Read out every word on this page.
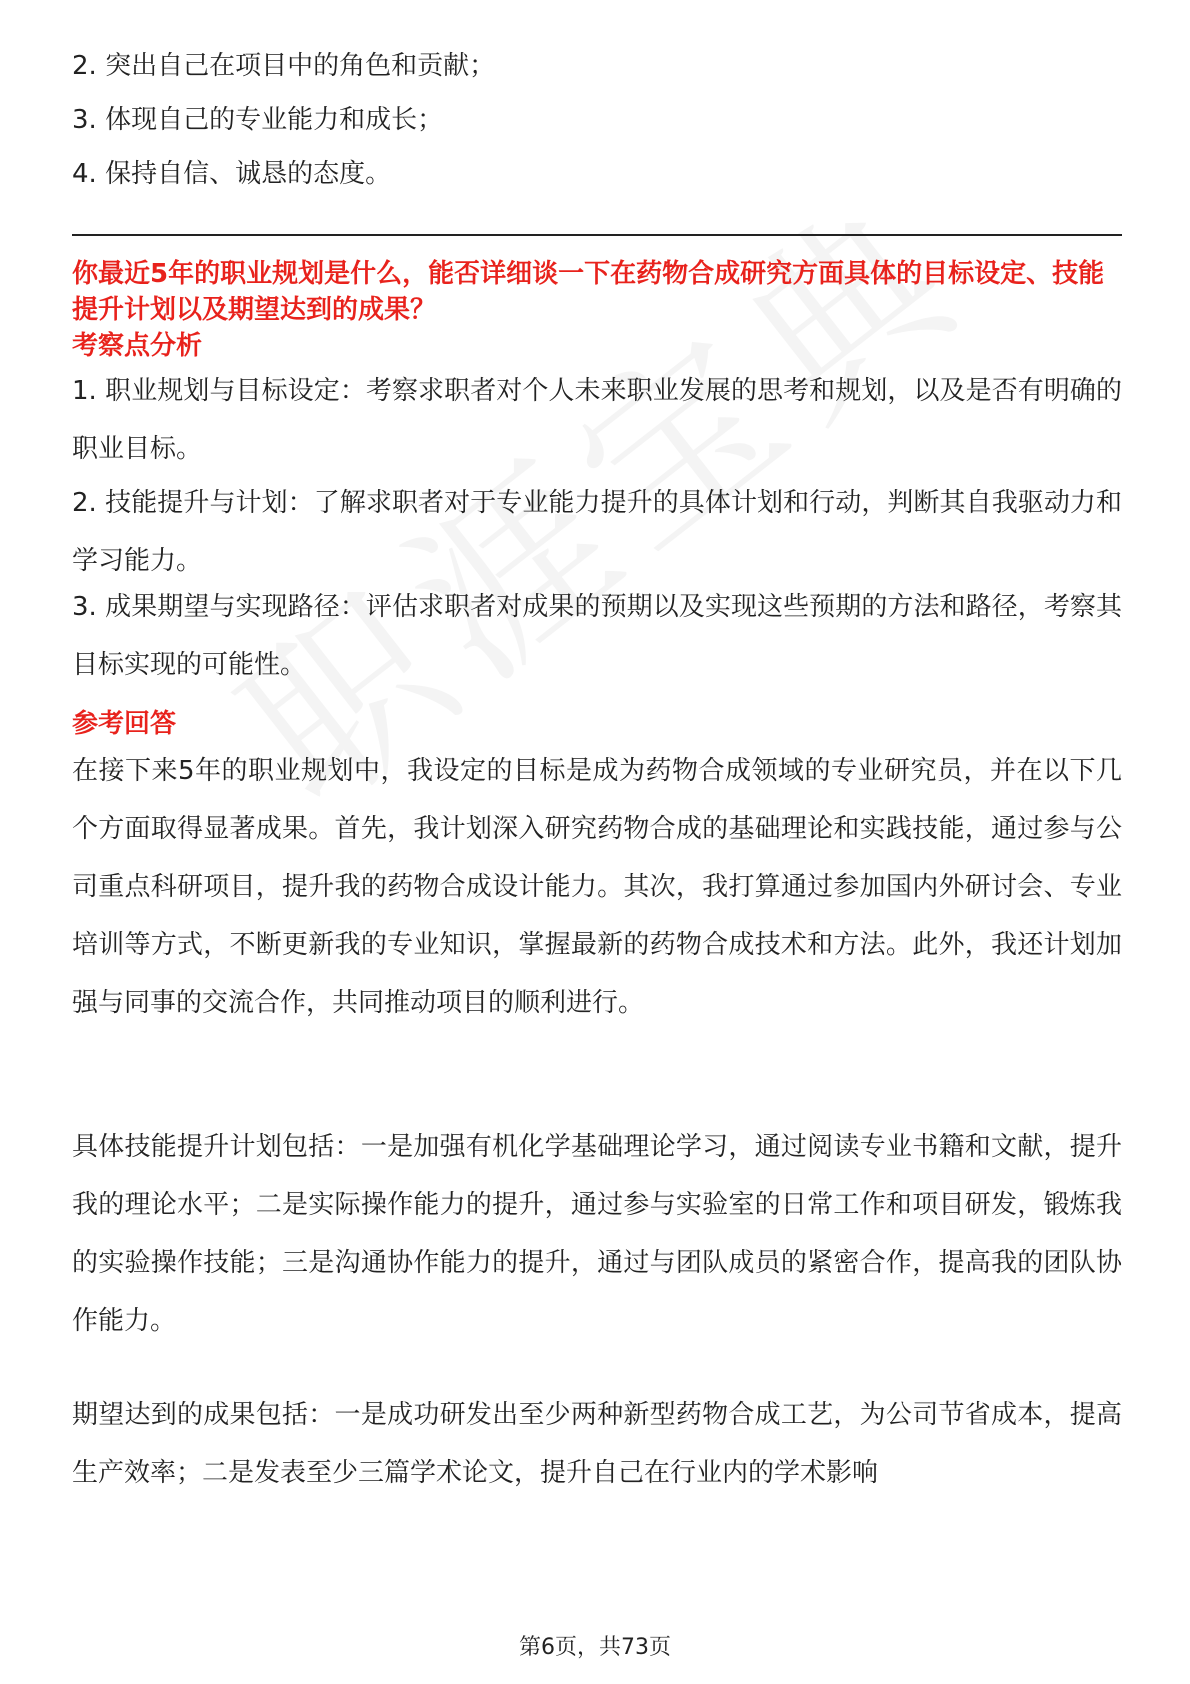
2. 突出自己在项目中的角色和贡献；
3. 体现自己的专业能力和成长；
4. 保持自信、诚恳的态度。
你最近5年的职业规划是什么，能否详细谈一下在药物合成研究方面具体的目标设定、技能提升计划以及期望达到的成果？
考察点分析
1. 职业规划与目标设定：考察求职者对个人未来职业发展的思考和规划，以及是否有明确的职业目标。
2. 技能提升与计划：了解求职者对于专业能力提升的具体计划和行动，判断其自我驱动力和学习能力。
3. 成果期望与实现路径：评估求职者对成果的预期以及实现这些预期的方法和路径，考察其目标实现的可能性。
参考回答
在接下来5年的职业规划中，我设定的目标是成为药物合成领域的专业研究员，并在以下几个方面取得显著成果。首先，我计划深入研究药物合成的基础理论和实践技能，通过参与公司重点科研项目，提升我的药物合成设计能力。其次，我打算通过参加国内外研讨会、专业培训等方式，不断更新我的专业知识，掌握最新的药物合成技术和方法。此外，我还计划加强与同事的交流合作，共同推动项目的顺利进行。
具体技能提升计划包括：一是加强有机化学基础理论学习，通过阅读专业书籍和文献，提升我的理论水平；二是实际操作能力的提升，通过参与实验室的日常工作和项目研发，锻炼我的实验操作技能；三是沟通协作能力的提升，通过与团队成员的紧密合作，提高我的团队协作能力。
期望达到的成果包括：一是成功研发出至少两种新型药物合成工艺，为公司节省成本，提高生产效率；二是发表至少三篇学术论文，提升自己在行业内的学术影响
第6页，共73页
